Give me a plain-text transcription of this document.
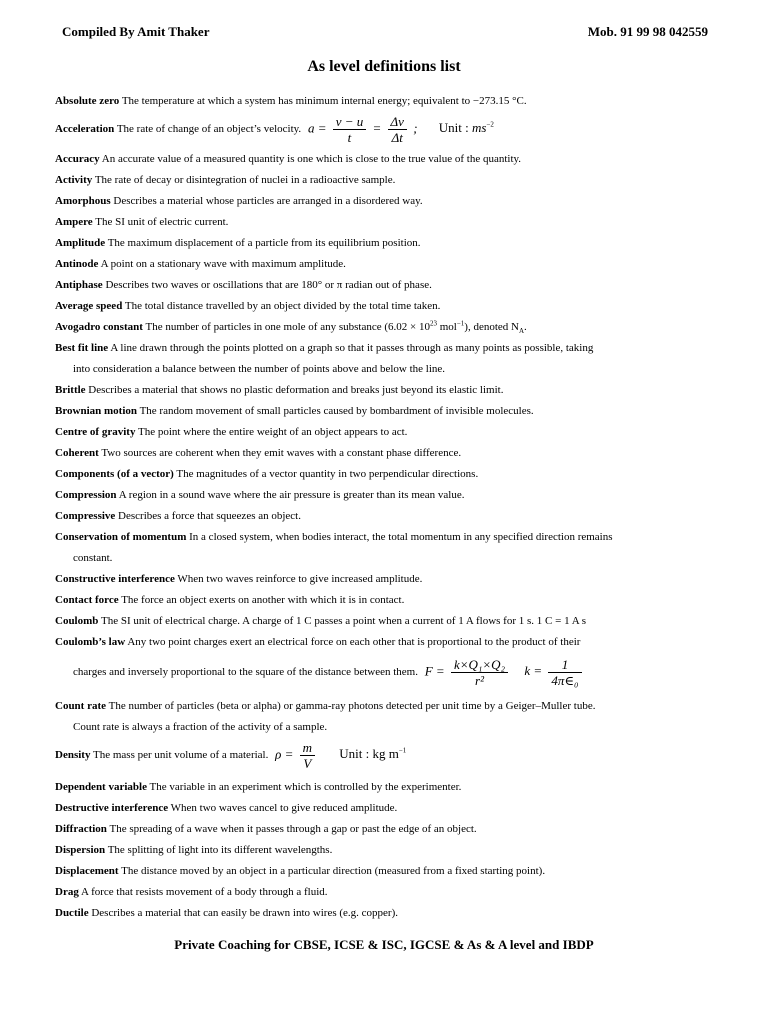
Compiled By Amit Thaker	Mob. 91 99 98 042559
As level definitions list

Absolute zero The temperature at which a system has minimum internal energy; equivalent to −273.15 °C.

Acceleration The rate of change of an object’s velocity. $a = \frac{v - u}{t} = \frac{\Delta v}{\Delta t}$ ; Unit : $ms^{-2}$

Accuracy An accurate value of a measured quantity is one which is close to the true value of the quantity.

Activity The rate of decay or disintegration of nuclei in a radioactive sample.

Amorphous Describes a material whose particles are arranged in a disordered way.

Ampere The SI unit of electric current.

Amplitude The maximum displacement of a particle from its equilibrium position.

Antinode A point on a stationary wave with maximum amplitude.

Antiphase Describes two waves or oscillations that are 180° or π radian out of phase.

Average speed The total distance travelled by an object divided by the total time taken.

Avogadro constant The number of particles in one mole of any substance ($6.02 \times 10^{23}$ mol$^{-1}$), denoted $N_A$.

Best fit line A line drawn through the points plotted on a graph so that it passes through as many points as possible, taking

into consideration a balance between the number of points above and below the line.

Brittle Describes a material that shows no plastic deformation and breaks just beyond its elastic limit.

Brownian motion The random movement of small particles caused by bombardment of invisible molecules.

Centre of gravity The point where the entire weight of an object appears to act.

Coherent Two sources are coherent when they emit waves with a constant phase difference.

Components (of a vector) The magnitudes of a vector quantity in two perpendicular directions.

Compression A region in a sound wave where the air pressure is greater than its mean value.

Compressive Describes a force that squeezes an object.

Conservation of momentum In a closed system, when bodies interact, the total momentum in any specified direction remains

constant.

Constructive interference When two waves reinforce to give increased amplitude.

Contact force The force an object exerts on another with which it is in contact.

Coulomb The SI unit of electrical charge. A charge of 1 C passes a point when a current of 1 A flows for 1 s. 1 C = 1 A s

Coulomb’s law Any two point charges exert an electrical force on each other that is proportional to the product of their

charges and inversely proportional to the square of the distance between them. $F = \frac{\text{k×Q₁×Q₂}}{\text{r²}}$ $k = \frac{1}{\text{4π∈₀}}$

Count rate The number of particles (beta or alpha) or gamma-ray photons detected per unit time by a Geiger–Muller tube.

Count rate is always a fraction of the activity of a sample.

Density The mass per unit volume of a material. $\rho = \frac{m}{V}$ Unit : kg $m^{-1}$

Dependent variable The variable in an experiment which is controlled by the experimenter.

Destructive interference When two waves cancel to give reduced amplitude.

Diffraction The spreading of a wave when it passes through a gap or past the edge of an object.

Dispersion The splitting of light into its different wavelengths.

Displacement The distance moved by an object in a particular direction (measured from a fixed starting point).

Drag A force that resists movement of a body through a fluid.

Ductile Describes a material that can easily be drawn into wires (e.g. copper).

Private Coaching for CBSE, ICSE & ISC, IGCSE & As & A level and IBDP
